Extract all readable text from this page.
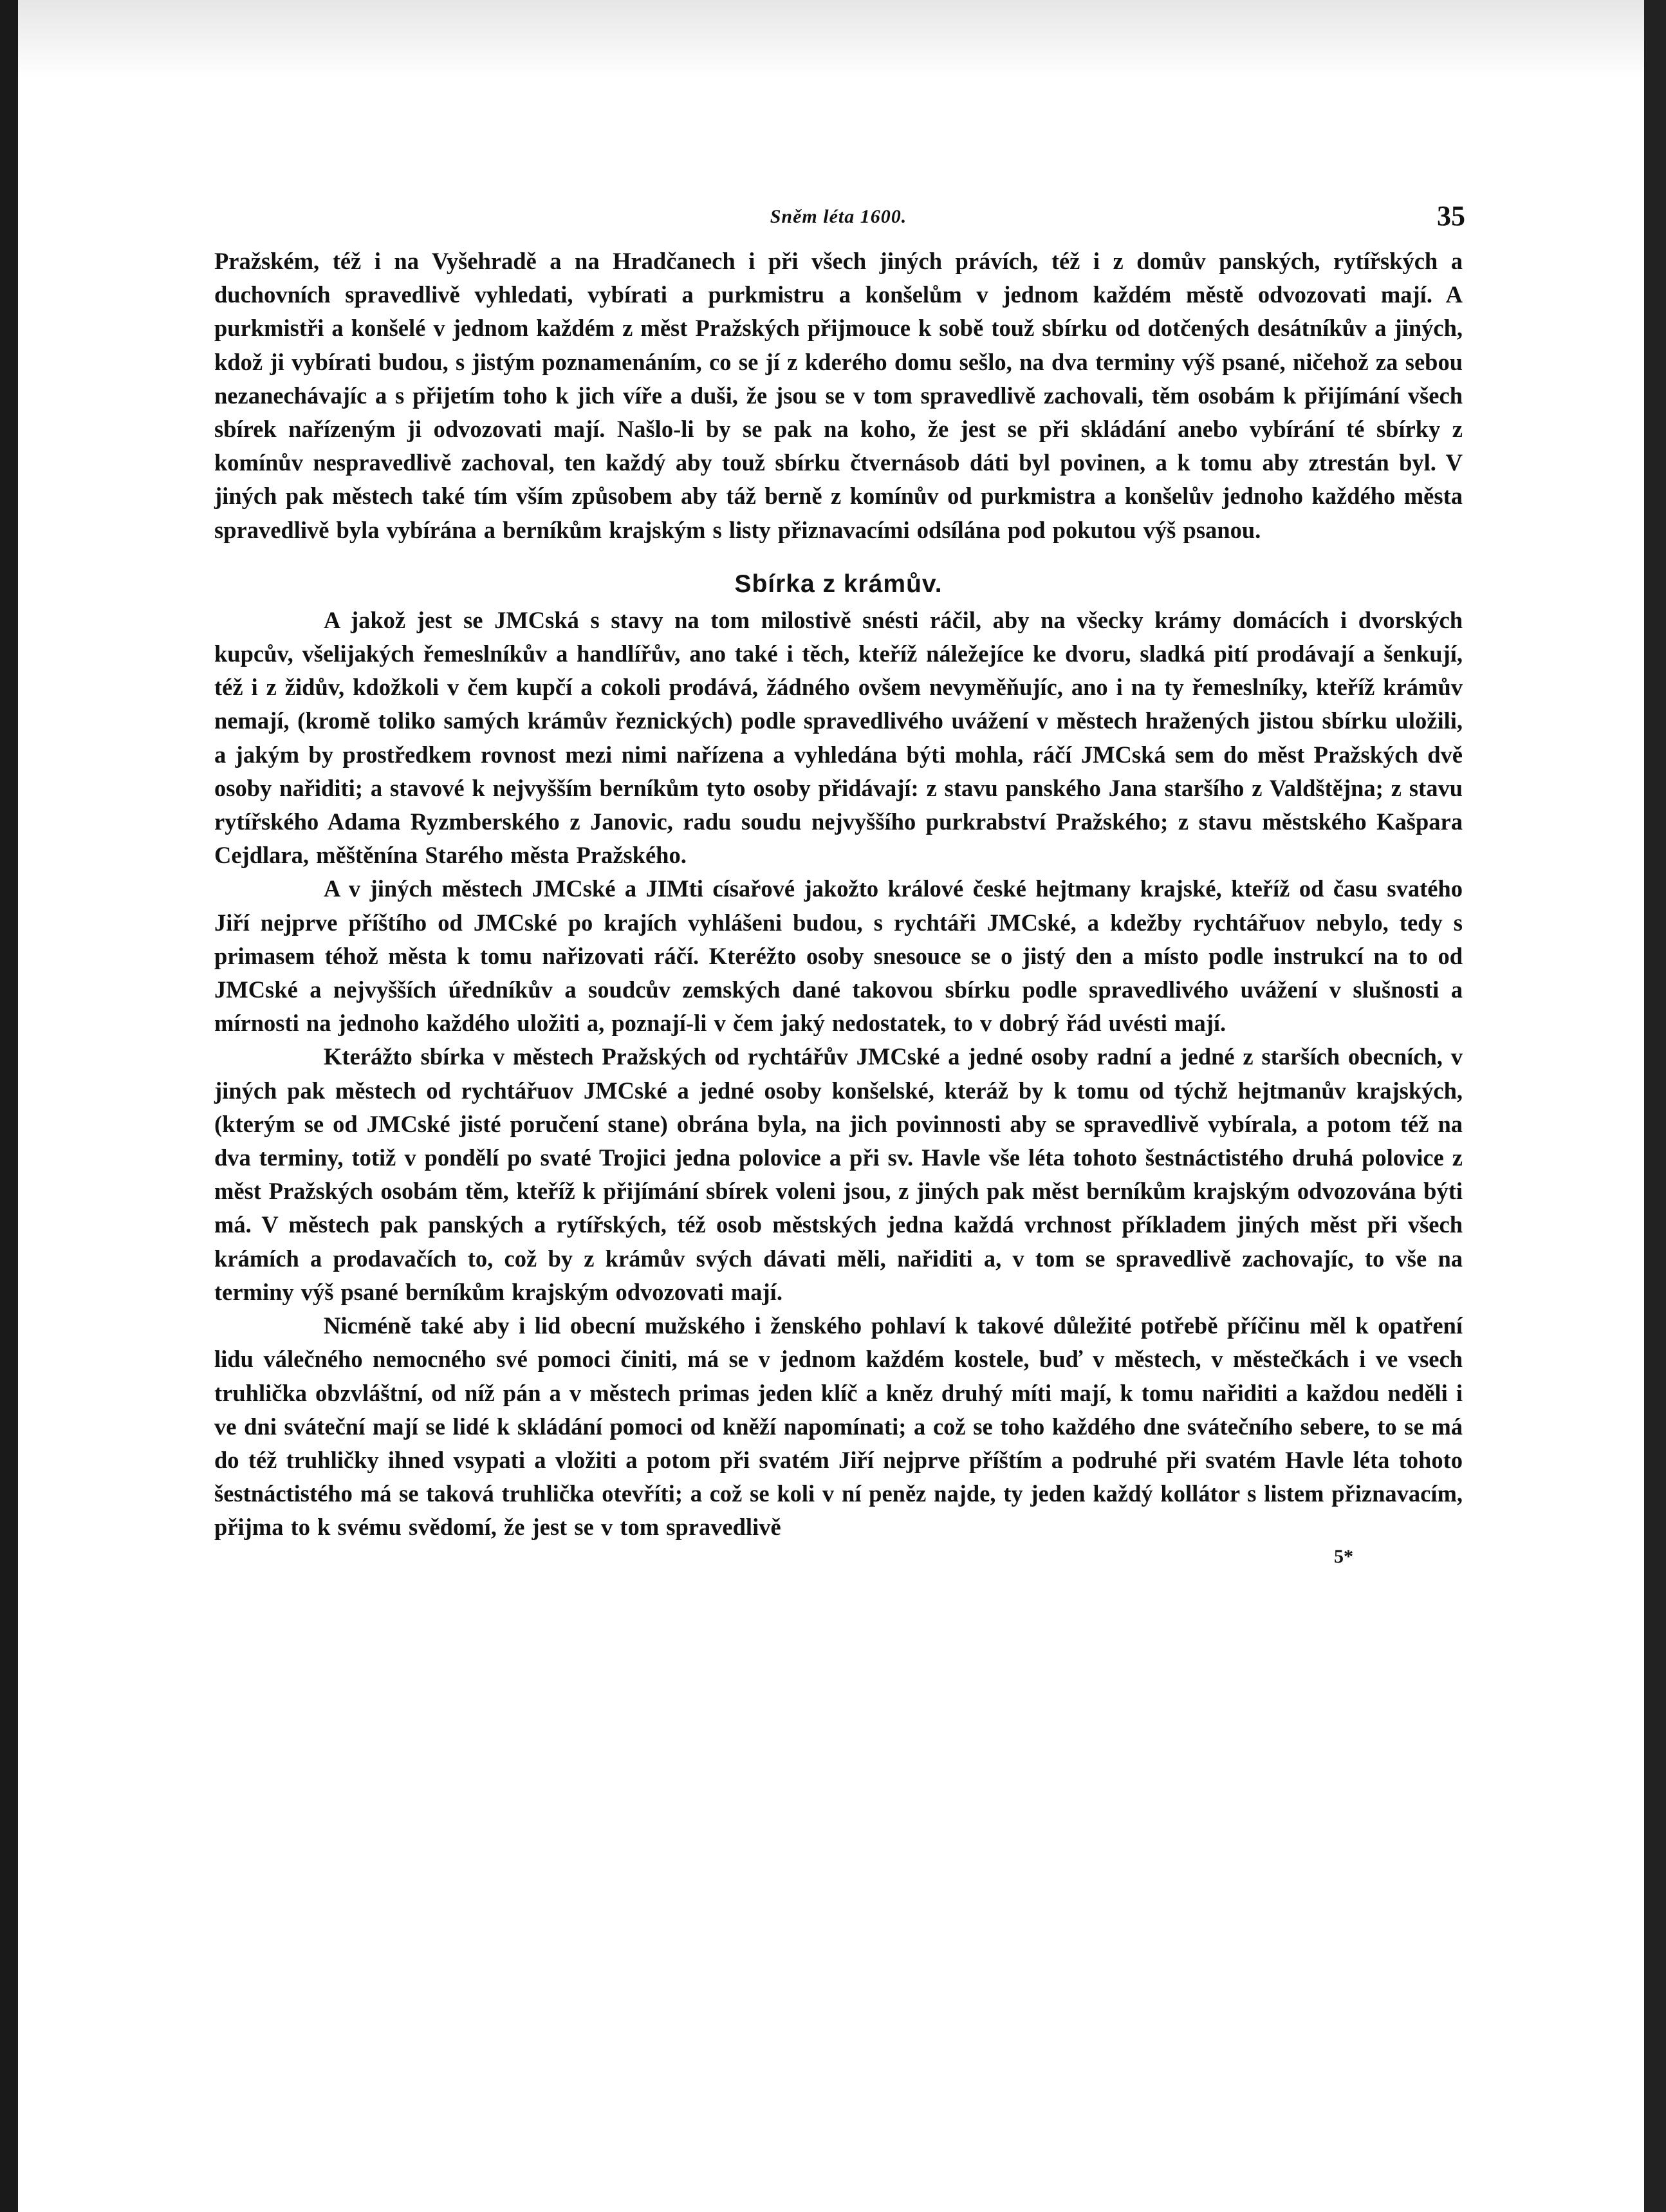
Sněm léta 1600.	35

Pražském, též i na Vyšehradě a na Hradčanech i při všech jiných právích, též i z domův panských, rytířských a duchovních spravedlivě vyhledati, vybírati a purkmistru a konšelům v jednom každém městě odvozovati mají. A purkmistři a konšelé v jednom každém z měst Pražských přijmouce k sobě touž sbírku od dotčených desátníkův a jiných, kdož ji vybírati budou, s jistým poznamenáním, co se jí z kderého domu sešlo, na dva terminy výš psané, ničehož za sebou nezanechávajíc a s přijetím toho k jich víře a duši, že jsou se v tom spravedlivě zachovali, těm osobám k přijímání všech sbírek nařízeným ji odvozovati mají. Našlo-li by se pak na koho, že jest se při skládání anebo vybírání té sbírky z komínův nespravedlivě zachoval, ten každý aby touž sbírku čtvernásob dáti byl povinen, a k tomu aby ztrestán byl. V jiných pak městech také tím vším způsobem aby táž berně z komínův od purkmistra a konšelův jednoho každého města spravedlivě byla vybírána a berníkům krajským s listy přiznavacími odsílána pod pokutou výš psanou.

Sbírka z krámův.

A jakož jest se JMCská s stavy na tom milostivě snésti ráčil, aby na všecky krámy domácích i dvorských kupcův, všelijakých řemeslníkův a handlířův, ano také i těch, kteříž náležejíce ke dvoru, sladká pití prodávají a šenkují, též i z židův, kdožkoli v čem kupčí a cokoli prodává, žádného ovšem nevyměňujíc, ano i na ty řemeslníky, kteříž krámův nemají, (kromě toliko samých krámův řeznických) podle spravedlivého uvážení v městech hražených jistou sbírku uložili, a jakým by prostředkem rovnost mezi nimi nařízena a vyhledána býti mohla, ráčí JMCská sem do měst Pražských dvě osoby nařiditi; a stavové k nejvyšším berníkům tyto osoby přidávají: z stavu panského Jana staršího z Valdštějna; z stavu rytířského Adama Ryzmberského z Janovic, radu soudu nejvyššího purkrabství Pražského; z stavu městského Kašpara Cejdlara, měštěnína Starého města Pražského.

A v jiných městech JMCské a JIMti císařové jakožto králové české hejtmany krajské, kteříž od času svatého Jiří nejprve příštího od JMCské po krajích vyhlášeni budou, s rychtáři JMCské, a kdežby rychtářuov nebylo, tedy s primasem téhož města k tomu nařizovati ráčí. Kteréžto osoby snesouce se o jistý den a místo podle instrukcí na to od JMCské a nejvyšších úředníkův a soudcův zemských dané takovou sbírku podle spravedlivého uvážení v slušnosti a mírnosti na jednoho každého uložiti a, poznají-li v čem jaký nedostatek, to v dobrý řád uvésti mají.

Kterážto sbírka v městech Pražských od rychtářův JMCské a jedné osoby radní a jedné z starších obecních, v jiných pak městech od rychtářuov JMCské a jedné osoby konšelské, kteráž by k tomu od týchž hejtmanův krajských, (kterým se od JMCské jisté poručení stane) obrána byla, na jich povinnosti aby se spravedlivě vybírala, a potom též na dva terminy, totiž v pondělí po svaté Trojici jedna polovice a při sv. Havle vše léta tohoto šestnáctistého druhá polovice z měst Pražských osobám těm, kteříž k přijímání sbírek voleni jsou, z jiných pak měst berníkům krajským odvozována býti má. V městech pak panských a rytířských, též osob městských jedna každá vrchnost příkladem jiných měst při všech krámích a prodavačích to, což by z krámův svých dávati měli, nařiditi a, v tom se spravedlivě zachovajíc, to vše na terminy výš psané berníkům krajským odvozovati mají.

Nicméně také aby i lid obecní mužského i ženského pohlaví k takové důležité potřebě příčinu měl k opatření lidu válečného nemocného své pomoci činiti, má se v jednom každém kostele, buď v městech, v městečkách i ve vsech truhlička obzvláštní, od níž pán a v městech primas jeden klíč a kněz druhý míti mají, k tomu nařiditi a každou neděli i ve dni sváteční mají se lidé k skládání pomoci od kněží napomínati; a což se toho každého dne svátečního sebere, to se má do též truhličky ihned vsypati a vložiti a potom při svatém Jiří nejprve příštím a podruhé při svatém Havle léta tohoto šestnáctistého má se taková truhlička otevříti; a což se koli v ní peněz najde, ty jeden každý kollátor s listem přiznavacím, přijma to k svému svědomí, že jest se v tom spravedlivě

5*
